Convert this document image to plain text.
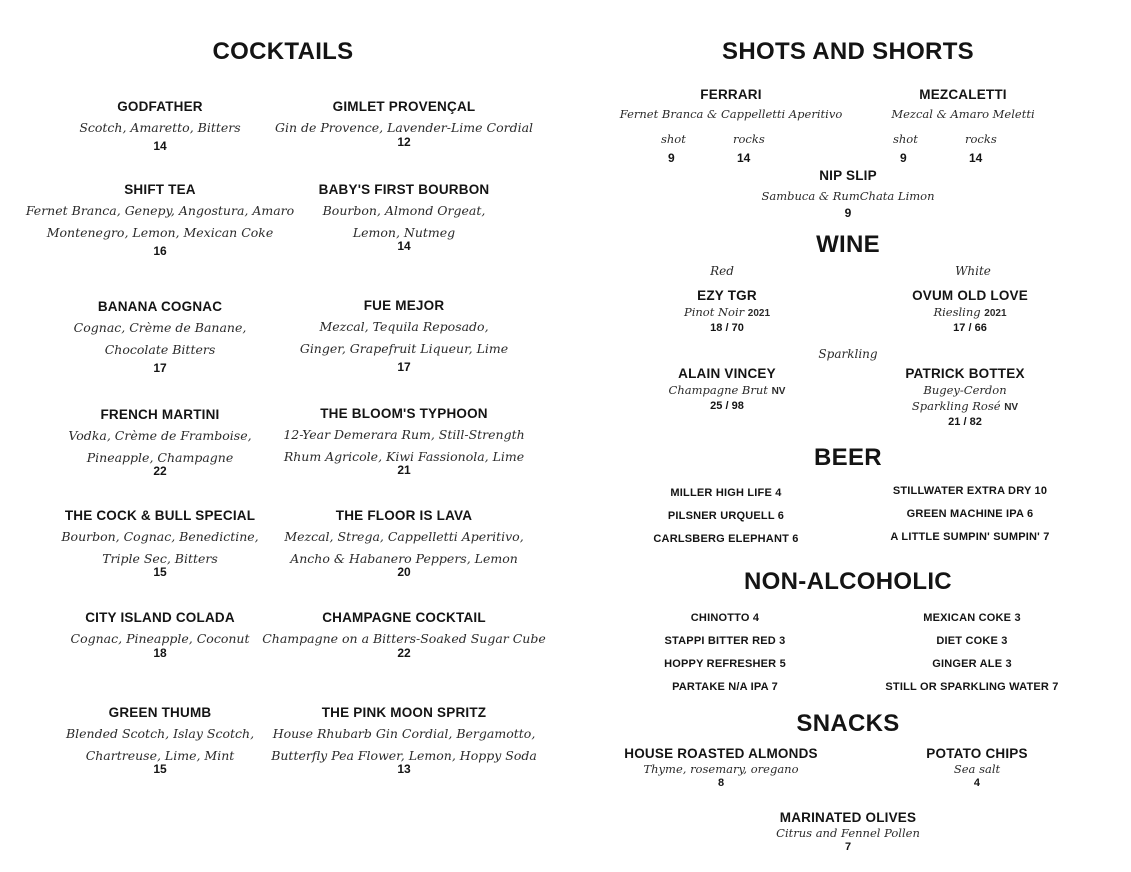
COCKTAILS
GODFATHER
Scotch, Amaretto, Bitters
14
GIMLET PROVENÇAL
Gin de Provence, Lavender-Lime Cordial
12
SHIFT TEA
Fernet Branca, Genepy, Angostura, Amaro
Montenegro, Lemon, Mexican Coke
16
BABY'S FIRST BOURBON
Bourbon, Almond Orgeat,
Lemon, Nutmeg
14
BANANA COGNAC
Cognac, Crème de Banane,
Chocolate Bitters
17
FUE MEJOR
Mezcal, Tequila Reposado,
Ginger, Grapefruit Liqueur, Lime
17
FRENCH MARTINI
Vodka, Crème de Framboise,
Pineapple, Champagne
22
THE BLOOM'S TYPHOON
12-Year Demerara Rum, Still-Strength
Rhum Agricole, Kiwi Fassionola, Lime
21
THE COCK & BULL SPECIAL
Bourbon, Cognac, Benedictine,
Triple Sec, Bitters
15
THE FLOOR IS LAVA
Mezcal, Strega, Cappelletti Aperitivo,
Ancho & Habanero Peppers, Lemon
20
CITY ISLAND COLADA
Cognac, Pineapple, Coconut
18
CHAMPAGNE COCKTAIL
Champagne on a Bitters-Soaked Sugar Cube
22
GREEN THUMB
Blended Scotch, Islay Scotch,
Chartreuse, Lime, Mint
15
THE PINK MOON SPRITZ
House Rhubarb Gin Cordial, Bergamotto,
Butterfly Pea Flower, Lemon, Hoppy Soda
13
SHOTS AND SHORTS
FERRARI
Fernet Branca & Cappelletti Aperitivo
shot	rocks
9	14
MEZCALETTI
Mezcal & Amaro Meletti
shot	rocks
9	14
NIP SLIP
Sambuca & RumChata Limon
9
WINE
Red	White
EZY TGR
Pinot Noir 2021
18 / 70
OVUM OLD LOVE
Riesling 2021
17 / 66
Sparkling
ALAIN VINCEY
Champagne Brut NV
25 / 98
PATRICK BOTTEX
Bugey-Cerdon
Sparkling Rosé NV
21 / 82
BEER
MILLER HIGH LIFE 4
PILSNER URQUELL 6
CARLSBERG ELEPHANT 6
STILLWATER EXTRA DRY 10
GREEN MACHINE IPA 6
A LITTLE SUMPIN' SUMPIN' 7
NON-ALCOHOLIC
CHINOTTO 4
STAPPI BITTER RED 3
HOPPY REFRESHER 5
PARTAKE N/A IPA 7
MEXICAN COKE 3
DIET COKE 3
GINGER ALE 3
STILL OR SPARKLING WATER 7
SNACKS
HOUSE ROASTED ALMONDS
Thyme, rosemary, oregano
8
POTATO CHIPS
Sea salt
4
MARINATED OLIVES
Citrus and Fennel Pollen
7
